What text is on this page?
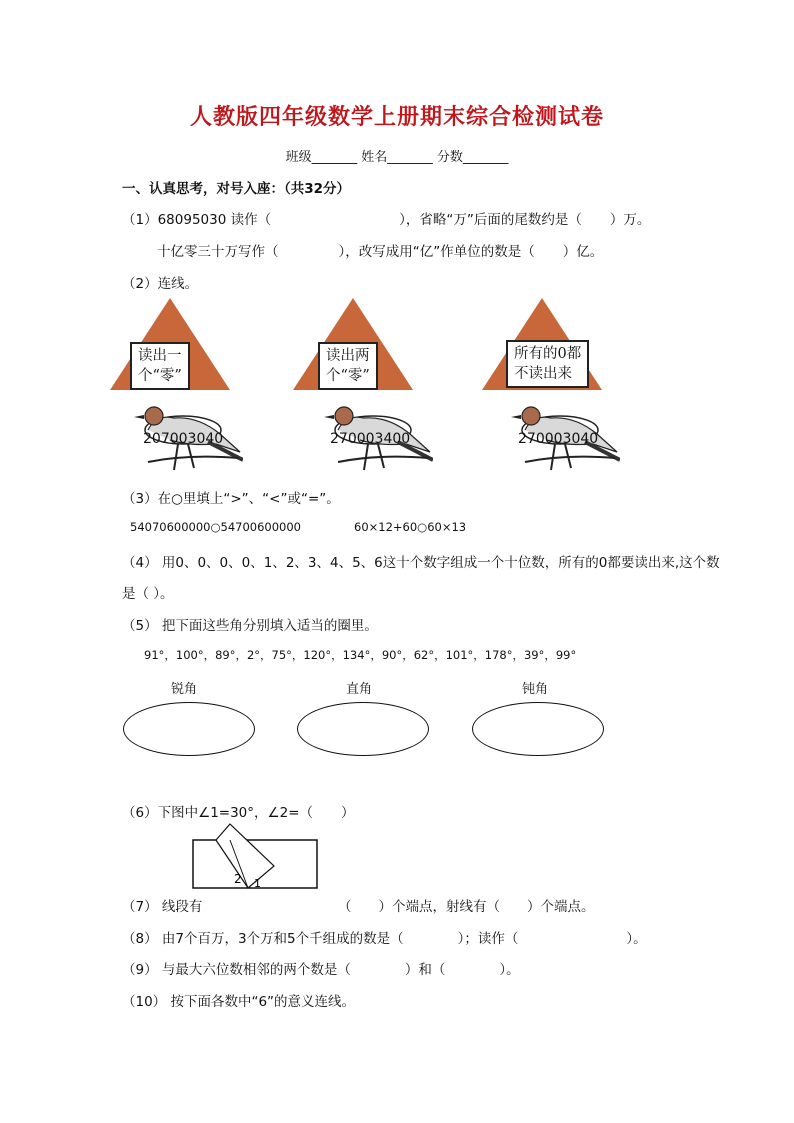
人教版四年级数学上册期末综合检测试卷
班级_______ 姓名_______ 分数_______
一、认真思考，对号入座：（共32分）
（1）68095030 读作（	），省略“万”后面的尾数约是（ ）万。
十亿零三十万写作（	），改写成用“亿”作单位的数是（ ）亿。
（2）连线。
读出一
个“零”
读出两
个“零”
所有的0都
不读出来
207003040	270003400	270003040
（3）在○里填上“>”、“<”或“=”。
54070600000○54700600000	60×12+60○60×13
（4） 用0、0、0、0、1、2、3、4、5、6这十个数字组成一个十位数，所有的0都要读出来,这个数
是（ ）。
（5） 把下面这些角分别填入适当的圈里。
91°，100°，89°，2°，75°，120°，134°，90°，62°，101°，178°，39°，99°
锐角	直角	钝角
（6）下图中∠1=30°，∠2=（ ）
2 1
（7） 线段有	（　　）个端点，射线有（　　）个端点。
（8） 由7个百万，3个万和5个千组成的数是（　　　　）；读作（　　　　　　　　）。
（9） 与最大六位数相邻的两个数是（　　　　）和（　　　　）。
（10） 按下面各数中“6”的意义连线。
